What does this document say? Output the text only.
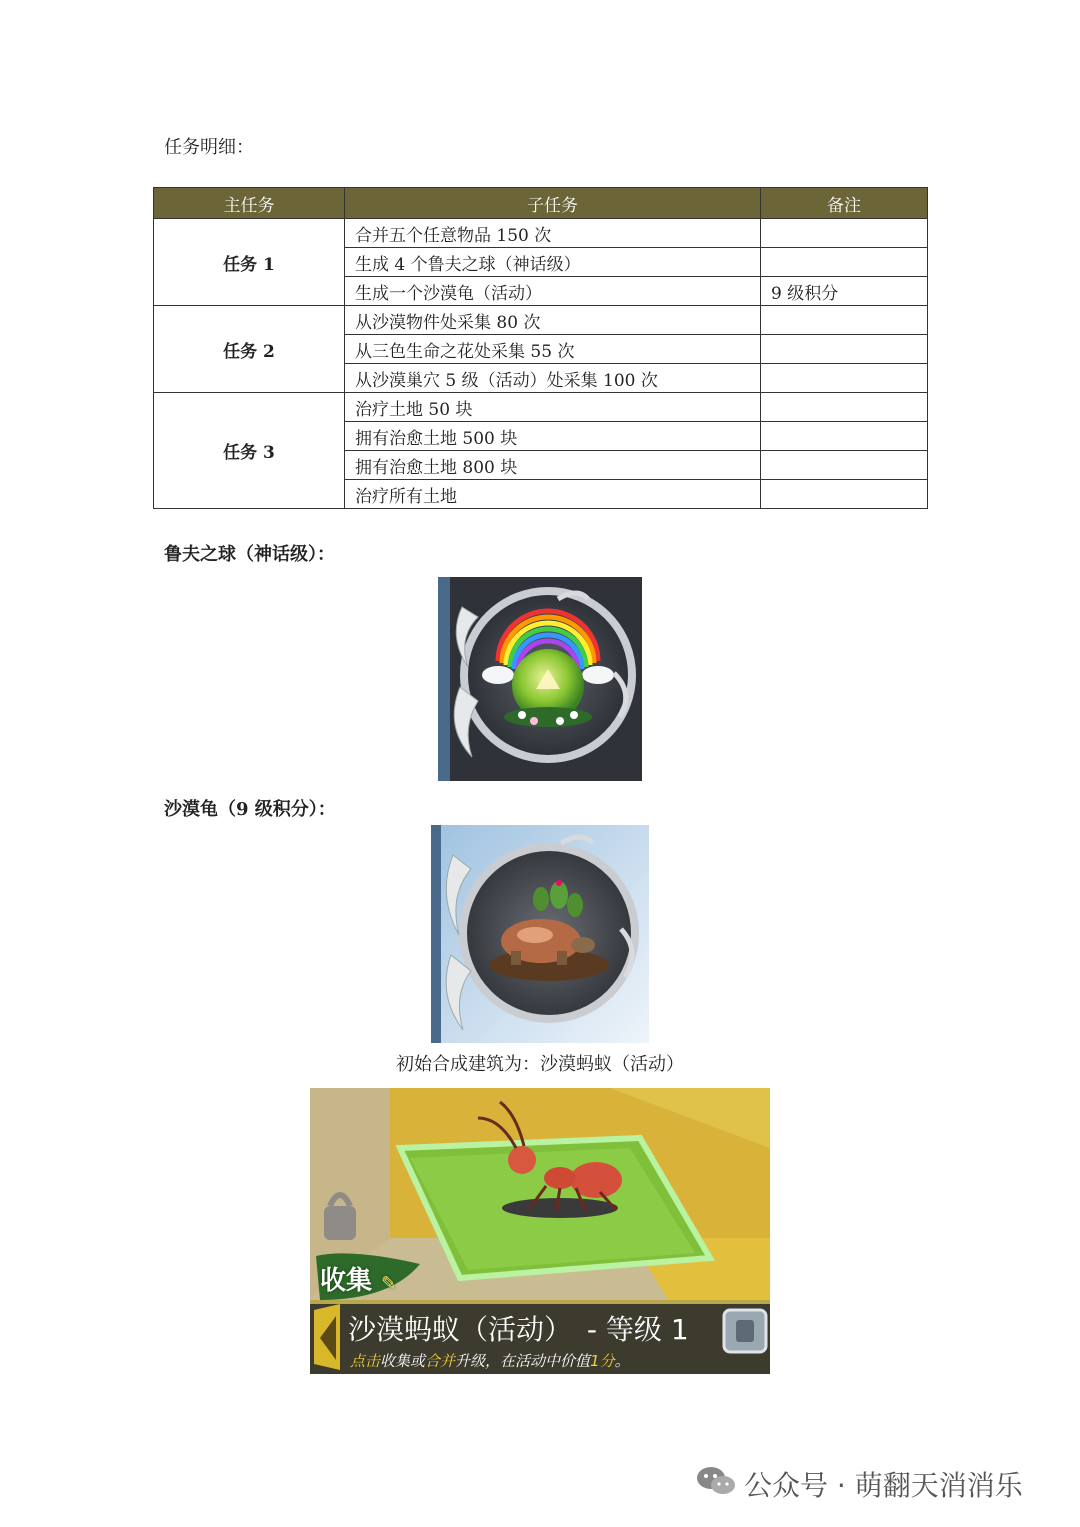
任务明细：
主任务	子任务	备注
任务 1	合并五个任意物品 150 次	
	生成 4 个鲁夫之球（神话级）	
	生成一个沙漠龟（活动）	9 级积分
任务 2	从沙漠物件处采集 80 次	
	从三色生命之花处采集 55 次	
	从沙漠巢穴 5 级（活动）处采集 100 次	
任务 3	治疗土地 50 块	
	拥有治愈土地 500 块	
	拥有治愈土地 800 块	
	治疗所有土地	
鲁夫之球（神话级）：
沙漠龟（9 级积分）：
初始合成建筑为：沙漠蚂蚁（活动）
收集 ✎
沙漠蚂蚁（活动） - 等级 1
点击收集或合并升级，在活动中价值1分。
公众号 · 萌翻天消消乐
